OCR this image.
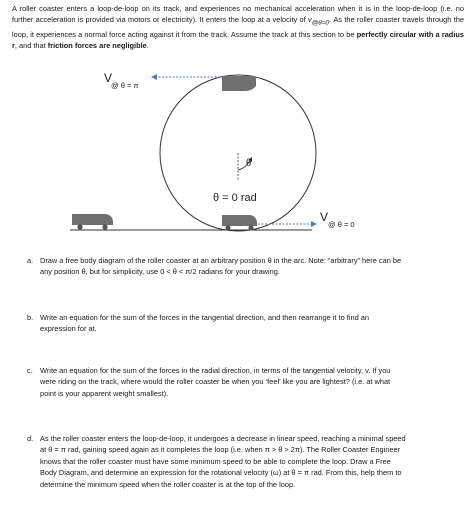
A roller coaster enters a loop-de-loop on its track, and experiences no mechanical acceleration when it is in the loop-de-loop (i.e. no further acceleration is provided via motors or electricity). It enters the loop at a velocity of $v_{@\theta=0}$. As the roller coaster travels through the loop, it experiences a normal force acting against it from the track. Assume the track at this section to be perfectly circular with a radius r, and that friction forces are negligible.

θ
θ = 0 rad
V
@ θ = π
V
@ θ = 0
a. Draw a free body diagram of the roller coaster at an arbitrary position θ in the arc. Note: “arbitrary” here can be
any position θ, but for simplicity, use 0 < θ < π/2 radians for your drawing.
b. Write an equation for the sum of the forces in the tangential direction, and then rearrange it to find an
expression for at.
c. Write an equation for the sum of the forces in the radial direction, in terms of the tangential velocity, v. If you
were riding on the track, where would the roller coaster be when you ‘feel’ like you are lightest? (i.e. at what
point is your apparent weight smallest).
d. As the roller coaster enters the loop-de-loop, it undergoes a decrease in linear speed, reaching a minimal speed
at θ = π rad, gaining speed again as it completes the loop (i.e. when π > θ > 2π). The Roller Coaster Engineer
knows that the roller coaster must have some minimum speed to be able to complete the loop. Draw a Free
Body Diagram, and determine an expression for the rotational velocity (ω) at θ = π rad. From this, help them to
determine the minimum speed when the roller coaster is at the top of the loop.
